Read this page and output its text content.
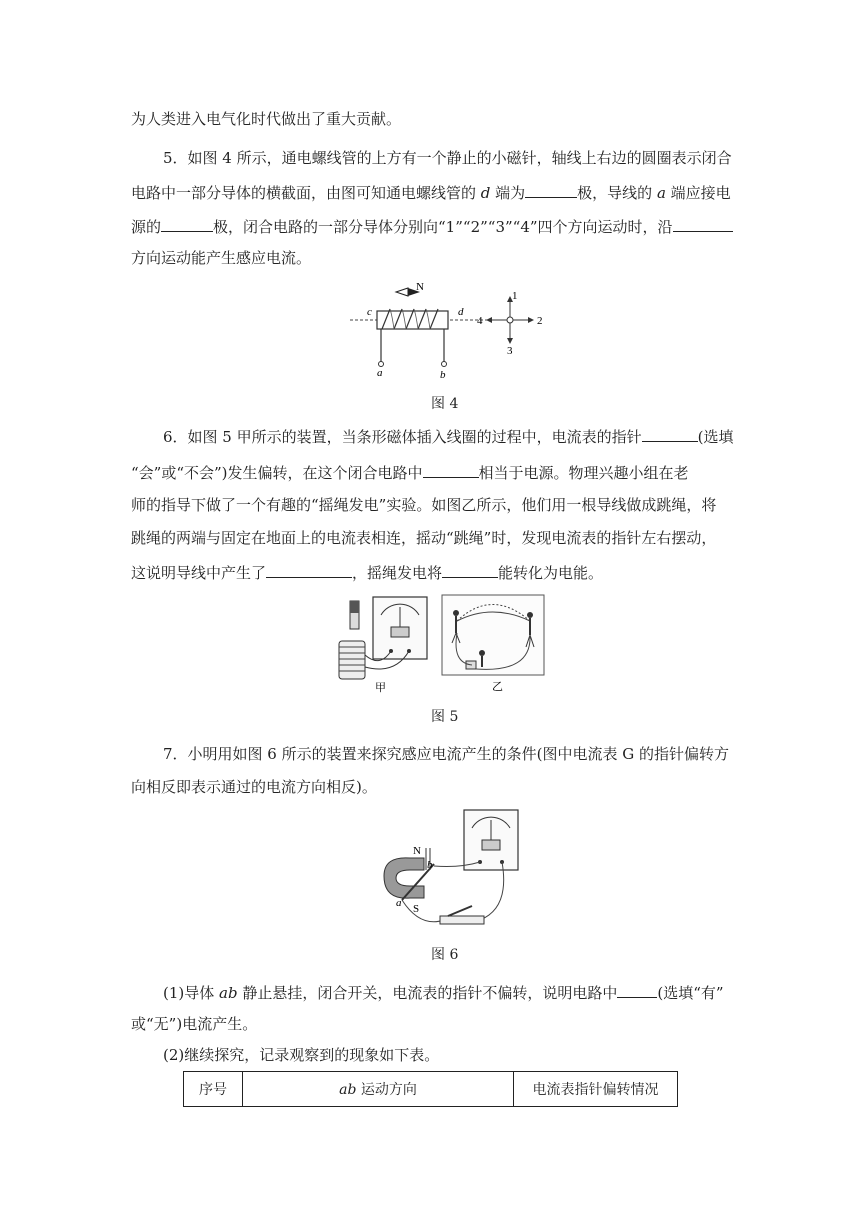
为人类进入电气化时代做出了重大贡献。
5．如图 4 所示，通电螺线管的上方有一个静止的小磁针，轴线上右边的圆圈表示闭合
电路中一部分导体的横截面，由图可知通电螺线管的 d 端为	极，导线的 a 端应接电
源的	极，闭合电路的一部分导体分别向“1”“2”“3”“4”四个方向运动时，沿
方向运动能产生感应电流。
N
c	d
a	b
1
2
3
4
图 4
6．如图 5 甲所示的装置，当条形磁体插入线圈的过程中，电流表的指针	(选填
“会”或“不会”)发生偏转，在这个闭合电路中	相当于电源。物理兴趣小组在老
师的指导下做了一个有趣的“摇绳发电”实验。如图乙所示，他们用一根导线做成跳绳，将
跳绳的两端与固定在地面上的电流表相连，摇动“跳绳”时，发现电流表的指针左右摆动，
这说明导线中产生了	，摇绳发电将	能转化为电能。
甲	乙
图 5
7．小明用如图 6 所示的装置来探究感应电流产生的条件(图中电流表 G 的指针偏转方
向相反即表示通过的电流方向相反)。
N
S
a
b
图 6
(1)导体 ab 静止悬挂，闭合开关，电流表的指针不偏转，说明电路中	(选填“有”
或“无”)电流产生。
(2)继续探究，记录观察到的现象如下表。
序号	ab 运动方向	电流表指针偏转情况
